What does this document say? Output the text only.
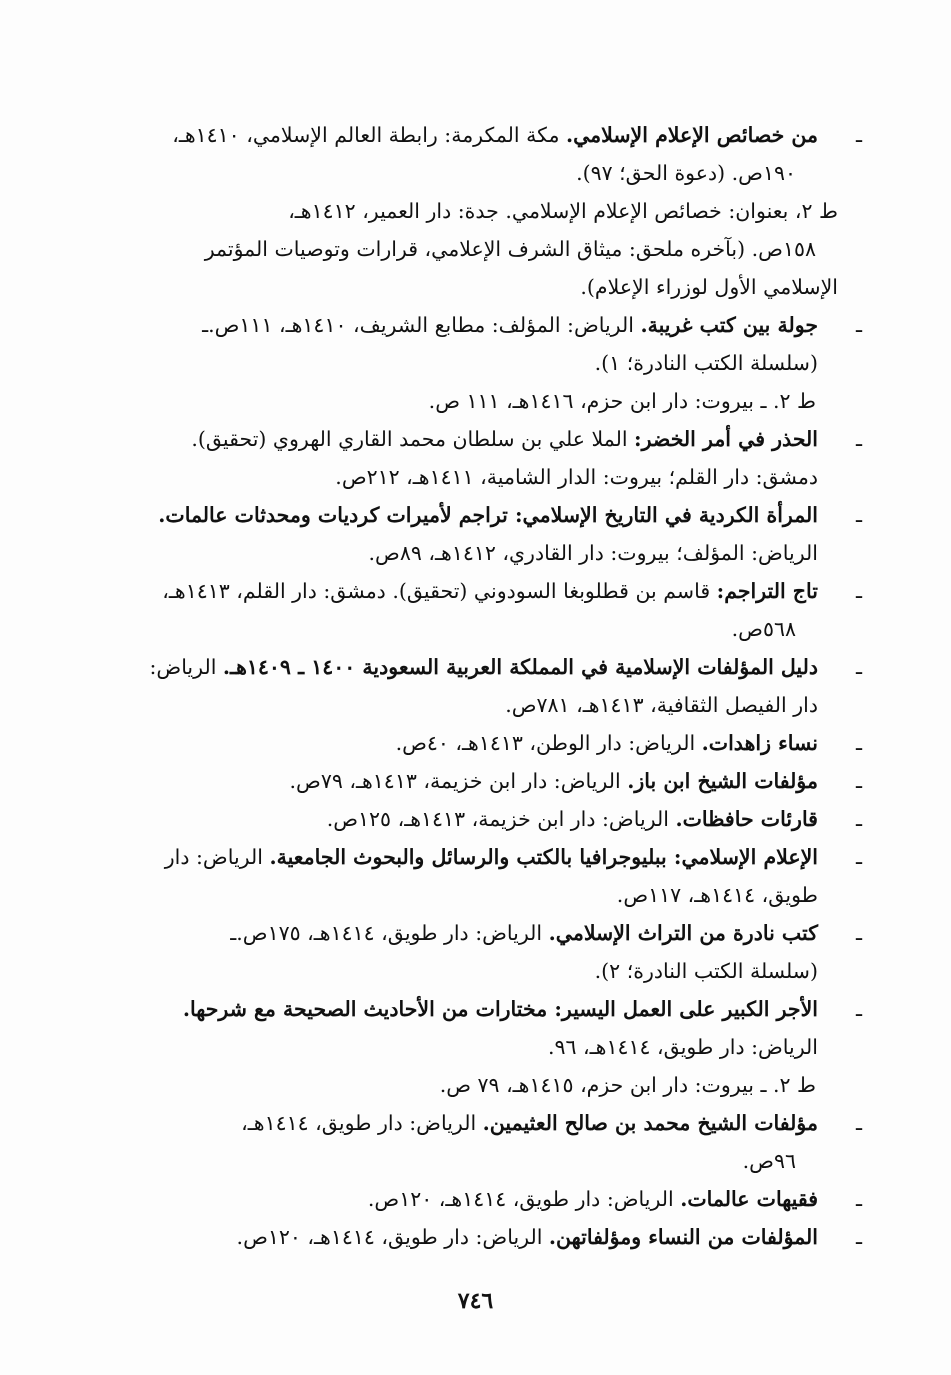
ـ
من خصائص الإعلام الإسلامي. مكة المكرمة: رابطة العالم الإسلامي، ١٤١٠هـ،
١٩٠ص. (دعوة الحق؛ ٩٧).
ط ٢، بعنوان: خصائص الإعلام الإسلامي. جدة: دار العمير، ١٤١٢هـ،
١٥٨ص. (بآخره ملحق: ميثاق الشرف الإعلامي، قرارات وتوصيات المؤتمر
الإسلامي الأول لوزراء الإعلام).
ـ
جولة بين كتب غريبة. الرياض: المؤلف: مطابع الشريف، ١٤١٠هـ، ١١١ص.ـ
(سلسلة الكتب النادرة؛ ١).
ط ٢. ـ بيروت: دار ابن حزم، ١٤١٦هـ، ١١١ ص.
ـ
الحذر في أمر الخضر: الملا علي بن سلطان محمد القاري الهروي (تحقيق).
دمشق: دار القلم؛ بيروت: الدار الشامية، ١٤١١هـ، ٢١٢ص.
ـ
المرأة الكردية في التاريخ الإسلامي: تراجم لأميرات كرديات ومحدثات عالمات.
الرياض: المؤلف؛ بيروت: دار القادري، ١٤١٢هـ، ٨٩ص.
ـ
تاج التراجم: قاسم بن قطلوبغا السودوني (تحقيق). دمشق: دار القلم، ١٤١٣هـ،
٥٦٨ص.
ـ
دليل المؤلفات الإسلامية في المملكة العربية السعودية ١٤٠٠ ـ ١٤٠٩هـ. الرياض:
دار الفيصل الثقافية، ١٤١٣هـ، ٧٨١ص.
ـ
نساء زاهدات. الرياض: دار الوطن، ١٤١٣هـ، ٤٠ص.
ـ
مؤلفات الشيخ ابن باز. الرياض: دار ابن خزيمة، ١٤١٣هـ، ٧٩ص.
ـ
قارئات حافظات. الرياض: دار ابن خزيمة، ١٤١٣هـ، ١٢٥ص.
ـ
الإعلام الإسلامي: ببليوجرافيا بالكتب والرسائل والبحوث الجامعية. الرياض: دار
طويق، ١٤١٤هـ، ١١٧ص.
ـ
كتب نادرة من التراث الإسلامي. الرياض: دار طويق، ١٤١٤هـ، ١٧٥ص.ـ
(سلسلة الكتب النادرة؛ ٢).
ـ
الأجر الكبير على العمل اليسير: مختارات من الأحاديث الصحيحة مع شرحها.
الرياض: دار طويق، ١٤١٤هـ، ٩٦.
ط ٢. ـ بيروت: دار ابن حزم، ١٤١٥هـ، ٧٩ ص.
ـ
مؤلفات الشيخ محمد بن صالح العثيمين. الرياض: دار طويق، ١٤١٤هـ،
٩٦ص.
ـ
فقيهات عالمات. الرياض: دار طويق، ١٤١٤هـ، ١٢٠ص.
ـ
المؤلفات من النساء ومؤلفاتهن. الرياض: دار طويق، ١٤١٤هـ، ١٢٠ص.
٧٤٦
